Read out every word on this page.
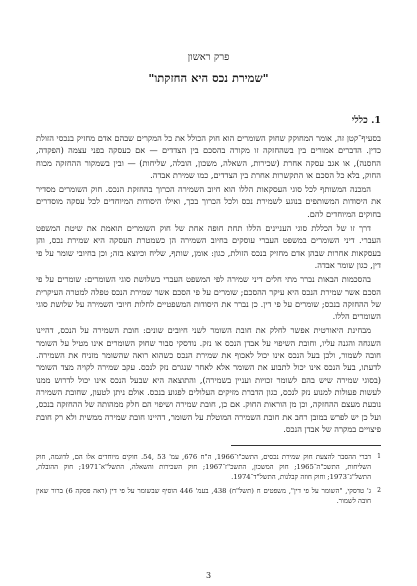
פרק ראשון
"שמירת נכס היא החזקתו"
1. כללי

בסעיף־קטן זה, אומר המחוקק שחוק השומרים הוא חוק הכולל את כל המקרים שבהם אדם מחזיק בנכסי הזולת כדין. הדברים אמורים בין בשהחזקה זו מקורה בהסכם בין הצדדים — אם כעסקה בפני עצמה (הפקדה, החסנה), או אגב עסקה אחרת (שכירות, השאלה, משכון, הובלה, שליחות) — ובין בשמקור ההחזקה מכוח החוק, בלא כל הסכם או התקשרות אחרת בין הצדדים, כמו שמירת אבדה.

המכנה המשותף לכל סוגי העסקאות הללו הוא חיוב השמירה הכרוך בהחזקת הנכס. חוק השומרים מסדיר את היסודות המשותפים בנוגע לשמירת נכס ולכל הכרוך בכך, ואילו היסודות המיוחדים לכל עסקה מוסדרים בחוקים המיוחדים להם.

דרך זו של הכללת סוגי העניינים הללו תחת חופה אחת של חוק השומרים תואמת את שיטת המשפט העברי. דיני השומרים במשפט העברי עוסקים בחיוב השמירה הן כשמטרת העסקה היא שמירת נכס, והן בעסקאות אחרות שבהן אדם מחזיק בנכס הזולת, כגון: אומן, שותף, שליח וכיוצא בזה; וכן בחיובי שומר על פי דין, כגון שומר אבדה.

בהסכמות הבאות נברר מתי חלים דיני שמירה לפי המשפט העברי בשלושת סוגי השומרים: שומרים על פי הסכם אשר שמירת הנכס היא עיקר ההסכם; שומרים על פי הסכם אשר שמירת הנכס טפלה למטרה העיקרית של ההחזקה בנכס; שומרים על פי דין. כן נברר את היסודות המשפטיים לחלות חיובי השמירה על שלושת סוגי השומרים הללו.

מבחינת היאורטית אפשר לחלק את חובת השומר לשני חיובים שונים: חובת השמירה על הנכס, דהיינו השגחה והגנה עליו, וחובת השיפוי על אבדן הנכס או נזק. נודסקי סבור שחוק השומרים אינו מטיל על השומר חובה לשמור, ולכן בעל הנכס אינו יכול לאכוף את שמירת הנכס כשהוא רואה שהשומר מזניח את השמירה. לדעתו, בעל הנכס אינו יכול לתבוע את השומר אלא לאחר שנגרם נזק לנכס. עקב שמירה לקויה מצד השומר (בסוגי שמירה שיש בהם לשומר זכויות ועניין בשמירה), והתוצאה היא שבעל הנכס אינו יכול לדרוש ממנו לעשות פעולות למנוע נזק לנכס, כגון הדברת מזיקים העלולים לפגוע בנכס. אולם ניתן לטעון, שחובת השמירה נובעת מעצם ההחזקה, וכן מן הוראות החוק. אם כן, חובת שמירה ושיפוי הם חלק ממהותה של ההחזקה בנכס, ועל כן יש לפרש במובן רחב את חובת השמירה המוטלת על השומר, דהיינו חובת שמירה ממשית ולא רק חובת פיצויים במקרה של אבדן הנכס.

1
דברי ההסבר להצעת חוק שמירת נכסים, התשכ"ו־1966, ה"ח 676, עמ' 53 ,54. חוקים מיוחדים אלו הם, לדוגמה, חוק השליחות, התשכ"ה־1965; חוק המשכון, התשכ"ז־1967; חוק השכירות והשאלה, התשל"א־1971; חוק ההובלה, התשל"ג־1973; וחוק חוזה קבלנות, התשל"ד־1974.
2
ג' טדסקי, "השומר על פי דין", משפטים ח (תשל"ח) 438, בעמ' 446 הוסיף שבשומר על פי דין (ראה פסקה 6) ברור שאין חובה לשמור.
3
